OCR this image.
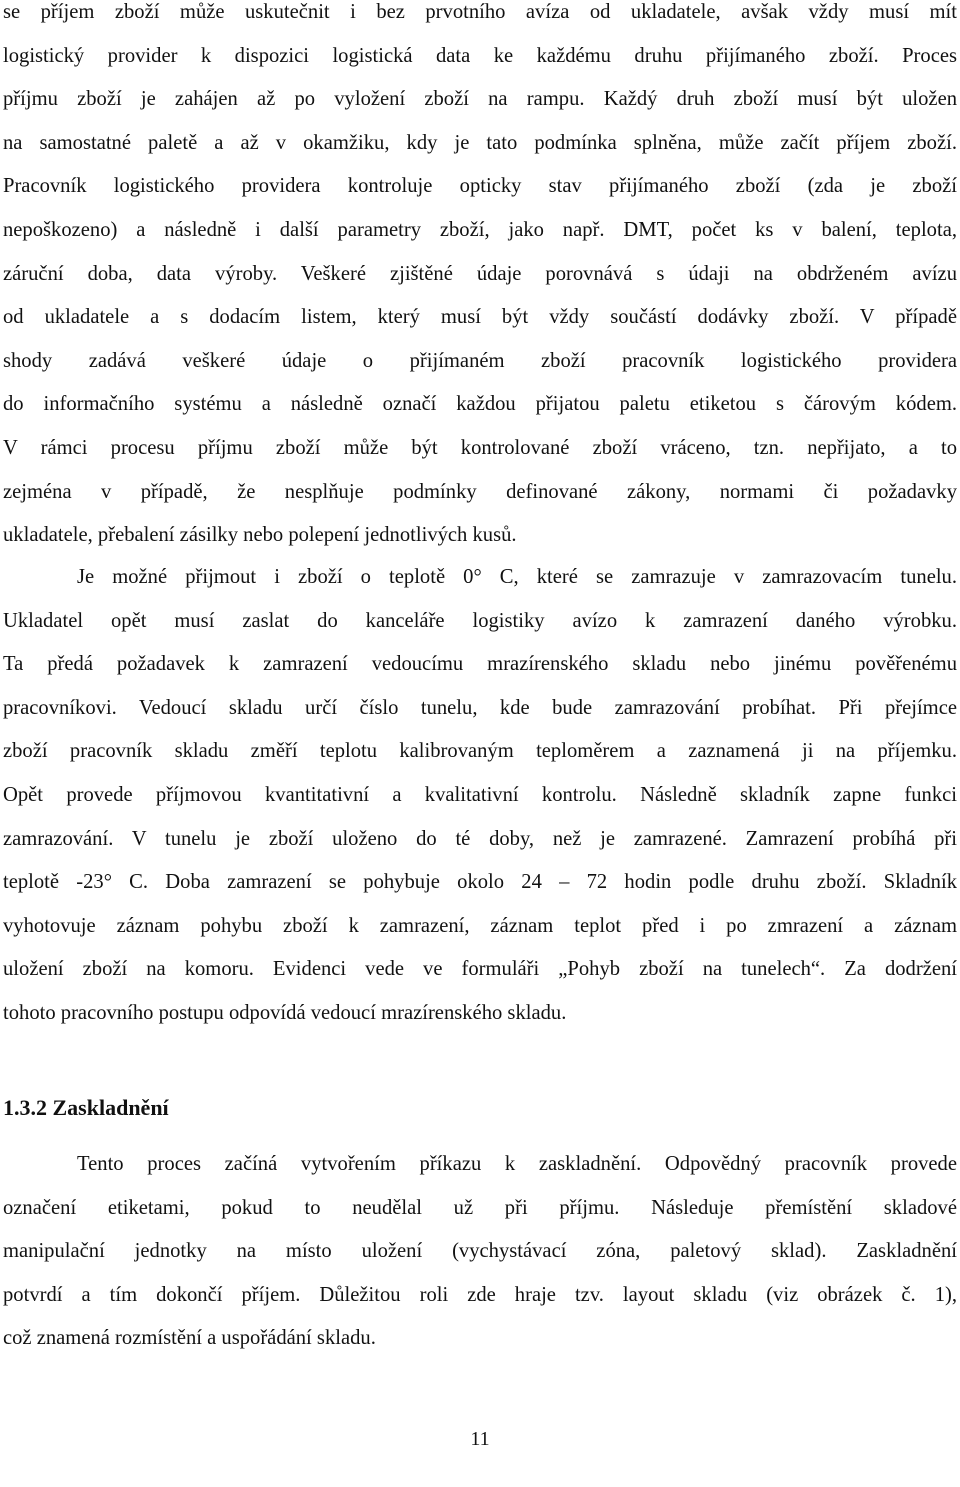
se příjem zboží může uskutečnit i bez prvotního avíza od ukladatele, avšak vždy musí mít
logistický provider k dispozici logistická data ke každému druhu přijímaného zboží. Proces
příjmu zboží je zahájen až po vyložení zboží na rampu. Každý druh zboží musí být uložen
na samostatné paletě a až v okamžiku, kdy je tato podmínka splněna, může začít příjem zboží.
Pracovník logistického providera kontroluje opticky stav přijímaného zboží (zda je zboží
nepoškozeno) a následně i další parametry zboží, jako např. DMT, počet ks v balení, teplota,
záruční doba, data výroby. Veškeré zjištěné údaje porovnává s údaji na obdrženém avízu
od ukladatele a s dodacím listem, který musí být vždy součástí dodávky zboží. V případě
shody zadává veškeré údaje o přijímaném zboží pracovník logistického providera
do informačního systému a následně označí každou přijatou paletu etiketou s čárovým kódem.
V rámci procesu příjmu zboží může být kontrolované zboží vráceno, tzn. nepřijato, a to
zejména v případě, že nesplňuje podmínky definované zákony, normami či požadavky
ukladatele, přebalení zásilky nebo polepení jednotlivých kusů.
Je možné přijmout i zboží o teplotě 0° C, které se zamrazuje v zamrazovacím tunelu.
Ukladatel opět musí zaslat do kanceláře logistiky avízo k zamrazení daného výrobku.
Ta předá požadavek k zamrazení vedoucímu mrazírenského skladu nebo jinému pověřenému
pracovníkovi. Vedoucí skladu určí číslo tunelu, kde bude zamrazování probíhat. Při přejímce
zboží pracovník skladu změří teplotu kalibrovaným teploměrem a zaznamená ji na příjemku.
Opět provede příjmovou kvantitativní a kvalitativní kontrolu. Následně skladník zapne funkci
zamrazování. V tunelu je zboží uloženo do té doby, než je zamrazené. Zamrazení probíhá při
teplotě -23° C. Doba zamrazení se pohybuje okolo 24 – 72 hodin podle druhu zboží. Skladník
vyhotovuje záznam pohybu zboží k zamrazení, záznam teplot před i po zmrazení a záznam
uložení zboží na komoru. Evidenci vede ve formuláři „Pohyb zboží na tunelech“. Za dodržení
tohoto pracovního postupu odpovídá vedoucí mrazírenského skladu.
1.3.2 Zaskladnění
Tento proces začíná vytvořením příkazu k zaskladnění. Odpovědný pracovník provede
označení etiketami, pokud to neudělal už při příjmu. Následuje přemístění skladové
manipulační jednotky na místo uložení (vychystávací zóna, paletový sklad). Zaskladnění
potvrdí a tím dokončí příjem. Důležitou roli zde hraje tzv. layout skladu (viz obrázek č. 1),
což znamená rozmístění a uspořádání skladu.
11
